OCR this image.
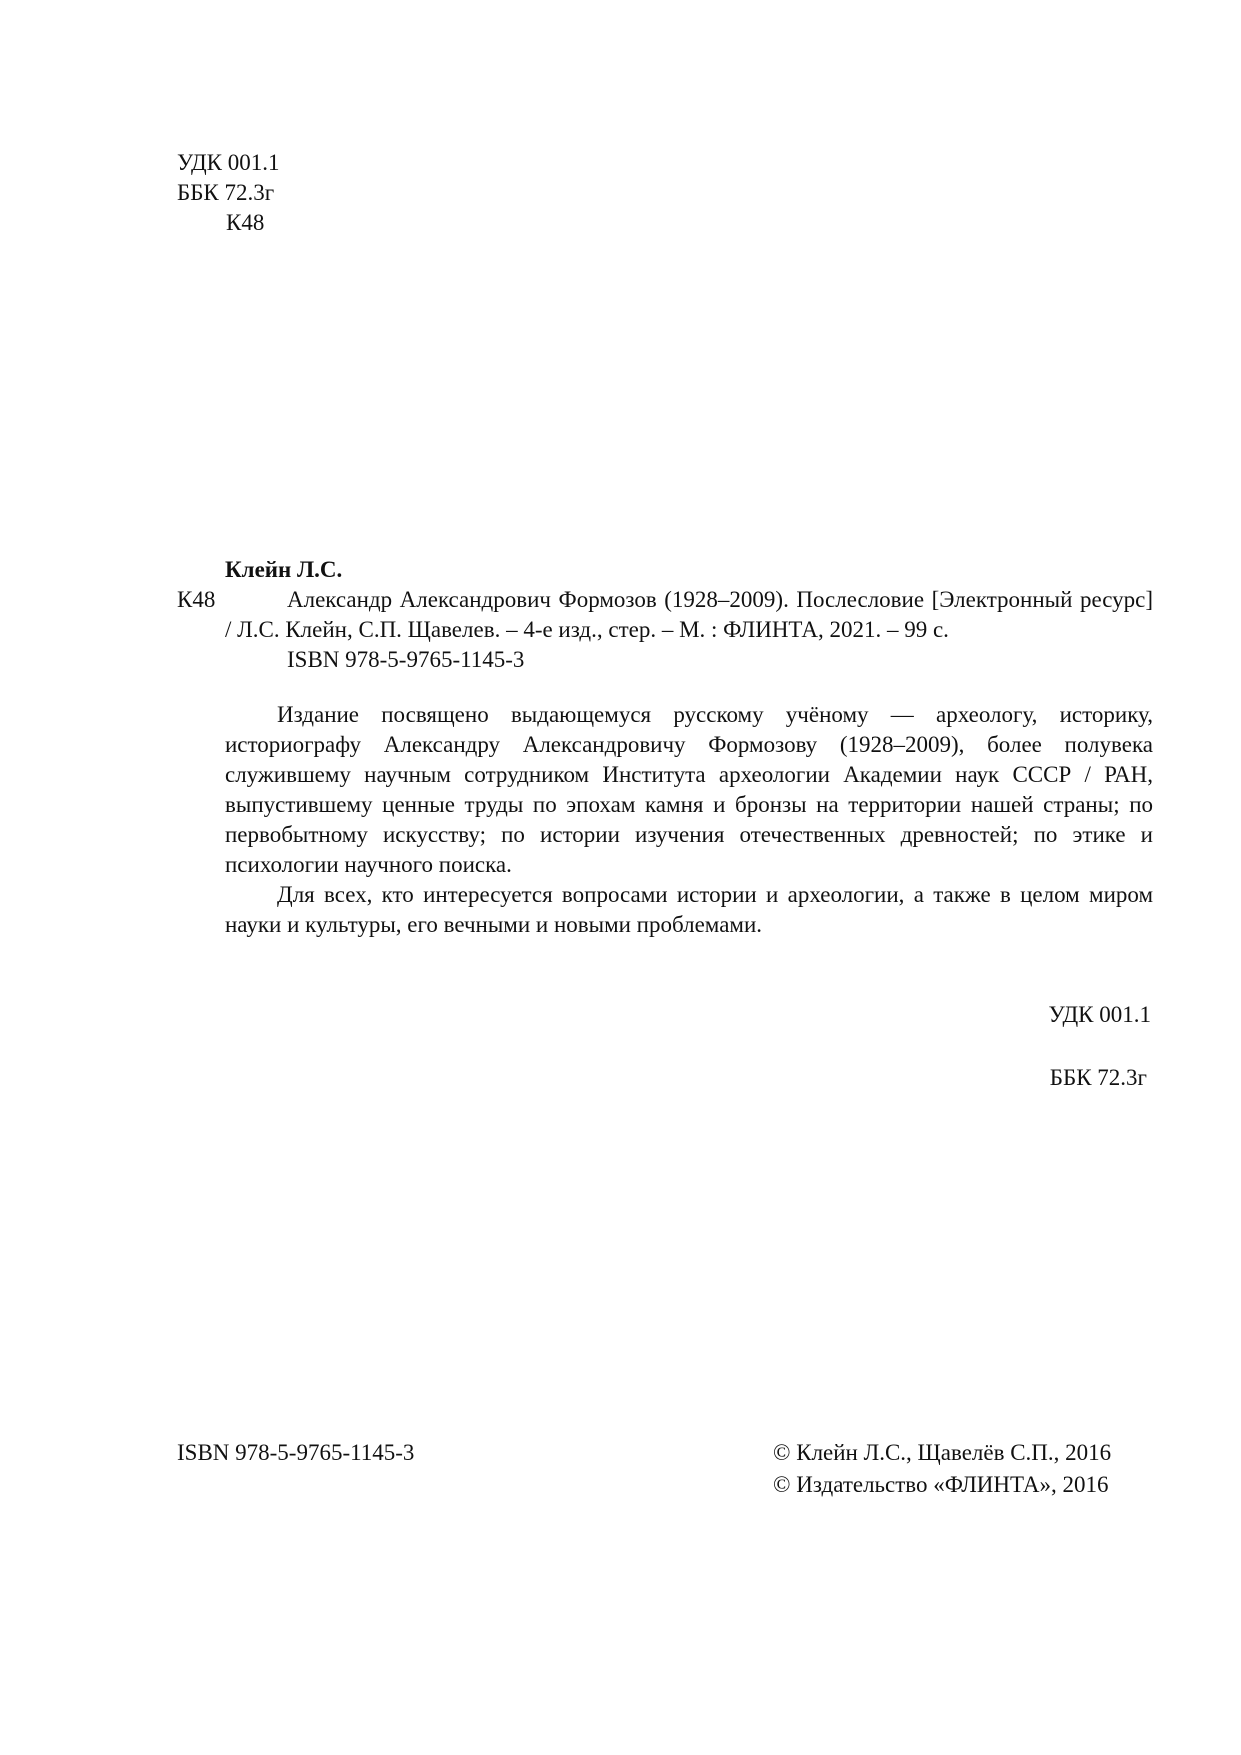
УДК 001.1
ББК 72.3г
К48
Клейн Л.С.
К48	Александр Александрович Формозов (1928–2009). Послесловие [Электронный ресурс] / Л.С. Клейн, С.П. Щавелев. – 4-е изд., стер. – М. : ФЛИНТА, 2021. – 99 с.

ISBN 978-5-9765-1145-3

Издание посвящено выдающемуся русскому учёному — археологу, историку, историографу Александру Александровичу Формозову (1928–2009), более полувека служившему научным сотрудником Института археологии Академии наук СССР / РАН, выпустившему ценные труды по эпохам камня и бронзы на территории нашей страны; по первобытному искусству; по истории изучения отечественных древностей; по этике и психологии научного поиска.

Для всех, кто интересуется вопросами истории и археологии, а также в целом миром науки и культуры, его вечными и новыми проблемами.

УДК 001.1
ББК 72.3г
ISBN 978-5-9765-1145-3	© Клейн Л.С., Щавелёв С.П., 2016
© Издательство «ФЛИНТА», 2016
